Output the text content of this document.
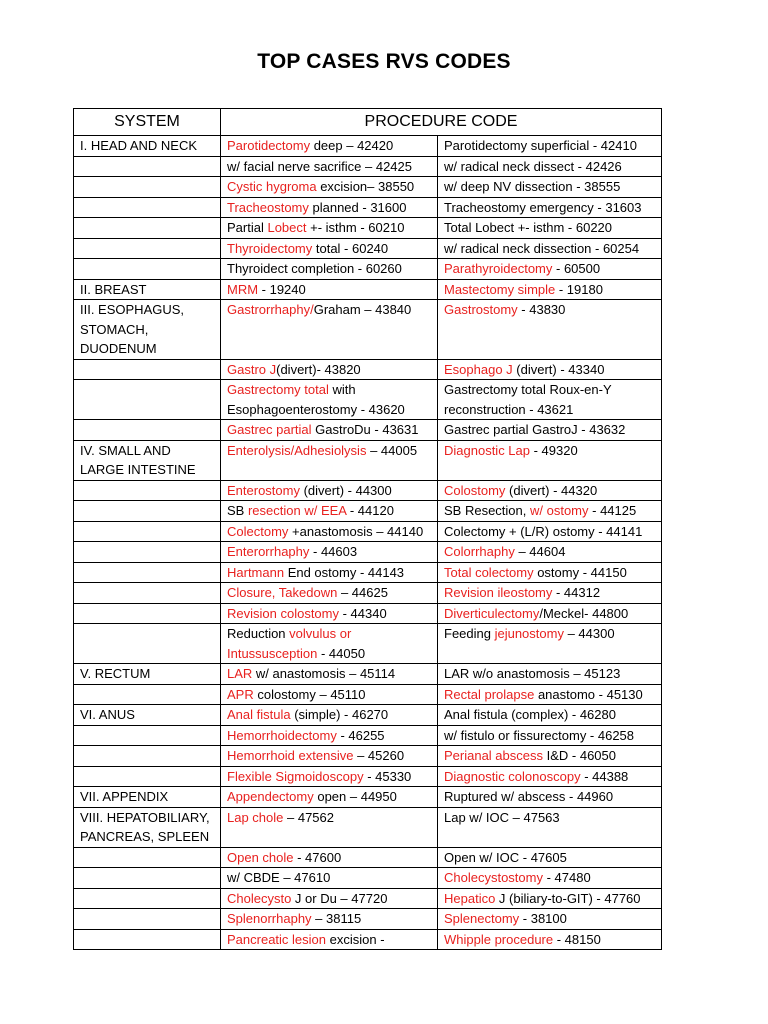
TOP CASES RVS CODES
SYSTEM	PROCEDURE CODE	
I. HEAD AND NECK	Parotidectomy deep – 42420	Parotidectomy superficial - 42410
	w/ facial nerve sacrifice – 42425	w/ radical neck dissect - 42426
	Cystic hygroma excision– 38550	w/ deep NV dissection - 38555
	Tracheostomy planned - 31600	Tracheostomy emergency - 31603
	Partial Lobect +- isthm - 60210	Total Lobect +- isthm - 60220
	Thyroidectomy total - 60240	w/ radical neck dissection - 60254
	Thyroidect completion - 60260	Parathyroidectomy - 60500
II. BREAST	MRM - 19240	Mastectomy simple - 19180
III. ESOPHAGUS, STOMACH, DUODENUM	Gastrorrhaphy/Graham – 43840	Gastrostomy - 43830
	Gastro J(divert)- 43820	Esophago J (divert) - 43340
	Gastrectomy total with Esophagoenterostomy - 43620	Gastrectomy total Roux-en-Y reconstruction - 43621
	Gastrec partial GastroDu - 43631	Gastrec partial GastroJ - 43632
IV. SMALL AND LARGE INTESTINE	Enterolysis/Adhesiolysis – 44005	Diagnostic Lap - 49320
	Enterostomy (divert) - 44300	Colostomy (divert) - 44320
	SB resection w/ EEA - 44120	SB Resection, w/ ostomy - 44125
	Colectomy +anastomosis – 44140	Colectomy + (L/R) ostomy - 44141
	Enterorrhaphy - 44603	Colorrhaphy – 44604
	Hartmann End ostomy - 44143	Total colectomy ostomy - 44150
	Closure, Takedown – 44625	Revision ileostomy - 44312
	Revision colostomy - 44340	Diverticulectomy/Meckel- 44800
	Reduction volvulus or Intussusception - 44050	Feeding jejunostomy – 44300
V. RECTUM	LAR w/ anastomosis – 45114	LAR w/o anastomosis – 45123
	APR colostomy – 45110	Rectal prolapse anastomo - 45130
VI. ANUS	Anal fistula (simple) - 46270	Anal fistula (complex) - 46280
	Hemorrhoidectomy - 46255	w/ fistulo or fissurectomy - 46258
	Hemorrhoid extensive – 45260	Perianal abscess I&D - 46050
	Flexible Sigmoidoscopy - 45330	Diagnostic colonoscopy - 44388
VII. APPENDIX	Appendectomy open – 44950	Ruptured w/ abscess - 44960
VIII. HEPATOBILIARY, PANCREAS, SPLEEN	Lap chole – 47562	Lap w/ IOC – 47563
	Open chole - 47600	Open w/ IOC - 47605
	w/ CBDE – 47610	Cholecystostomy - 47480
	Cholecysto J or Du – 47720	Hepatico J (biliary-to-GIT) - 47760
	Splenorrhaphy – 38115	Splenectomy - 38100
	Pancreatic lesion excision -	Whipple procedure - 48150
